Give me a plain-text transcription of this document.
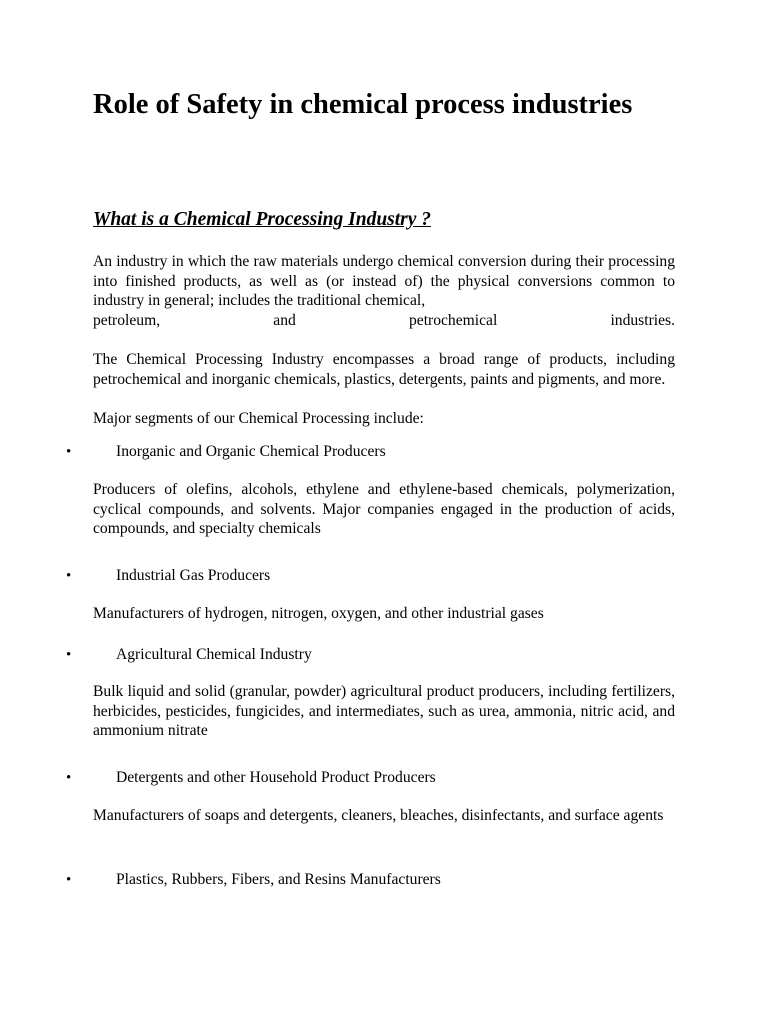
Role of Safety in chemical process industries
What is a Chemical Processing Industry ?

An industry in which the raw materials undergo chemical conversion during their processing into finished products, as well as (or instead of) the physical conversions common to industry in general; includes the traditional chemical,

petroleum, and petrochemical industries.

The Chemical Processing Industry encompasses a broad range of products, including petrochemical and inorganic chemicals, plastics, detergents, paints and pigments, and more.

Major segments of our Chemical Processing include:

•	Inorganic and Organic Chemical Producers

Producers of olefins, alcohols, ethylene and ethylene-based chemicals, polymerization, cyclical compounds, and solvents. Major companies engaged in the production of acids, compounds, and specialty chemicals

•	Industrial Gas Producers

Manufacturers of hydrogen, nitrogen, oxygen, and other industrial gases

•	Agricultural Chemical Industry

Bulk liquid and solid (granular, powder) agricultural product producers, including fertilizers, herbicides, pesticides, fungicides, and intermediates, such as urea, ammonia, nitric acid, and ammonium nitrate

•	Detergents and other Household Product Producers

Manufacturers of soaps and detergents, cleaners, bleaches, disinfectants, and surface agents

•	Plastics, Rubbers, Fibers, and Resins Manufacturers
